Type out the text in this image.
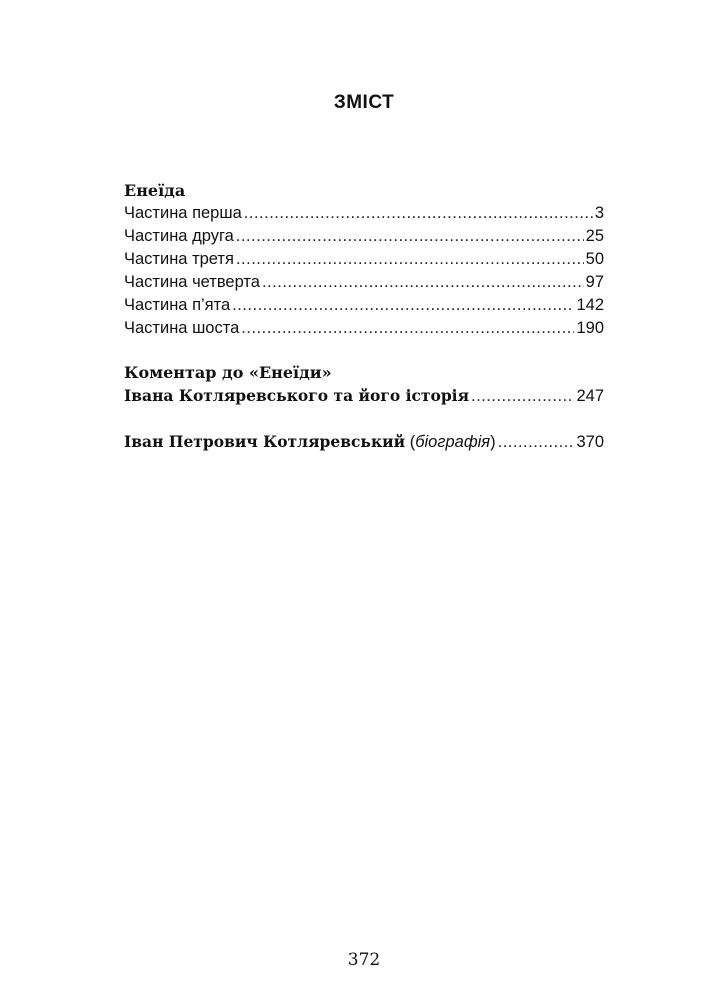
ЗМІСТ
Енеїда
Частина перша .....	3
Частина друга .....	25
Частина третя .....	50
Частина четверта .....	97
Частина п’ята .....	142
Частина шоста .....	190
Коментар до «Енеїди»
Івана Котляревського та його історія .....	247
Іван Петрович Котляревський (біографія) .....	370
372
